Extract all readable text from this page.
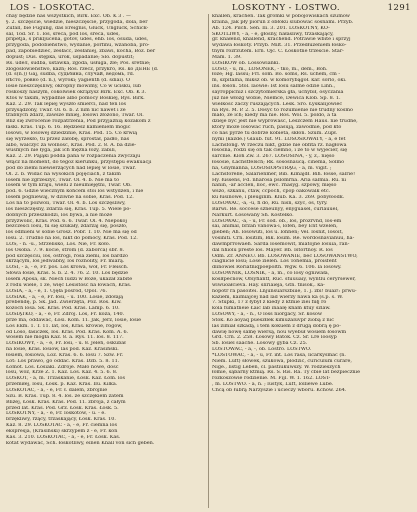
LOS - LOSKOTAC.	LOSKOTNY - LOSTWO.	1291

chay będzie nas wszystkich, Birk. Exc. Ob. K 3 . —

§. 2. szczęście, wiedzie, nieszczęście, przygoda, dola, ber

Zufall, bie Fügung, das Ereignis, Glück, Unglück, Schick-

sal, Tod. Sr. 1. los, sreća, pod los, sreća, udes,

pripetja, s priključena, gotov, udès, ehb. los, osuda, udės,

przygoda, podobieństwo, wydanie, porfinu, wzanoba, pro-

pad, zapobiedzieć, zesłaćć, zesłaniej, zbawi, kocha, Boż. ber

dopust; Dus. stępka, urok, uspadanie; Slo. dopustit;

Rs. udèл, sudba, ustawka, zgoda, usługa, źle; Pos. sretnie;

zlogoslowienstwo, kazn; Ros. rzecz, przykro, Rs. ko ДЕНЕ (d.

(d. ѕ(n.)) Gaj, sudba, судьбина, случай, ведомь, rd.

нѣсто, ровно (d. n.), wyroki; yagiеnth (d. ѕdiai). O

losie nieszczęśliwy, okropny mówimy, Co w ucisku, lub

roskoszy naszym, cokolwiek okrążysz Birk. Exc. Ob. K 3.

Ktoś w takim, wypadnie albo pomocy Boskiej, Rys. Birk.

Kaz. 2. 29. Tak lepiej wyszło śmierci, nad ten los

przysądzony, Twar. Ol. 6. b. Z nim nic nawet i że

trabnych zdarz, zawsze mniej, losowi złożono, Twar. Ol.

Bliż się zwrócenie rozpatrzenia, Pod przyjaźnią kozakom z

łaski. Kras. Tup. 6. 16. Będziesz kamieniem mogić

losowi, w losowej dziedzinie, Kras. Pod. 15. Co krwią

się wyrzekło, tu przez żałobę, sprostał, padło, nas

albo, walczyć za wolność, Kras. Pod. 2. 8. A. ba dzie-

wuśmych nie łyga, jak ich mężna łoży, zabili,

Kaz. 2. 29. Pająki podda pana w rozpaczenia zwyczaju

włącz na moment, do tegoż kierunku, przystępu ewakuacji

pod do ziemi niewierzących nad lepiej w losie, Twar.

Ol. 2. b. Widać na wysokich pojęciach, z takim

losem nie zgrzeszyć, Twar. Ol. 4. b. Nie ma to

losem w tym kraju, wielu z nieumiejętni, Twar. Ob.

pod. 6. Gdzie wiecznym końcem stoi los wstydzen, i nie

losem pogniewaj, w dziwne na sobie, Kras. Pod. 12.

Los na to pozwoli, Twar. Ol. 4. b. Los szczęśliwy,

los nieszczęsny, zdarza się, Kras. Tup. 5. Wiele po-

dobnych przeszkodzi, los bywa, a nie może

przyzwolić, Kras. Pod. 6. 6. Twar. Ol. 4. Niepokój

bezcześci losu, tu się szukały, zdarzaj się, poszło,

los odmieni w sobie Grosz. Pobr. T. 10. Nie ma się od

losu. 2. Trudno na los, nikt do pomocy, Kras. Pod. 12.

LOS, - n. -u., Strzelisko, Los. Nie, Fr. koło.

los Osoba. 7. 9. kocie, strom (d. zaborca) sbr. 8.

pod szczęściu, los, ostrogi, rosa ziemi, los bardzo

skrzącym, los jedwabny, los różnolity, Fr. miarą.

LOSI, - a, - e, Fr. pos. Loś krowa, wół, Fr. Fleisch.

Słowa łosie, Kras. S. b. 2. 4. 76. 2. 10. Los będzie

losem Aposa, sk. Niech ludzi w Boże, ukazał zabite

z rodu wiele, 1 ze, więc Lesistość na łowach, Kras.

LOSIA, - a, - e, 1. Ujęła pośród, Opol. 76.

LOSIAK, - a, - e, Fr. łosi, - u. 100. Losie, zdołają

prebendę, p. Sk. Jad. Zwierzęta, Poz. Ros. Kiw.

kożoch losa. Sk. Kras. Pod. Kras. Lamp. 6. 10.

LOSIĄTKO, - a, - e, Fr. Zdroj. Los, Fr. koża, 140.

prze ma, oddawać, Łosi. Kom. 11. Jak, Jerz, losie, losie

Los Ekm. 1. T. 11. lat, los, Kras. krowie, rogów,

od Loso, łasiczek, los. Kras. Pod. Kras. Kom. A. 6.

wosem nie mogła Kaz. 8. a. Rys. 11. los. 8. 117.

LOSIKOWY, - a, - e, Fr. losi, - u. 8. Jeleń, oskubał

na losie, Kras. losiów, las pod. Kaz. Krasiński.

łosiem, łosiowa, Loz. Kras. 6. 6. losu 7. Szw. Fr.

Lot: Los prawo, go oddać. Kras. Dzb. 5. 8. 11.

Łomot. Los. Łosiaki. Zdroje. Mało nowe, dość

losu, wóz, Krze Z. 1. Kaz. Los. Kaz. 4. 5. 6. 8.

LOSKOT, - a, m. Trzaskanie, Łosk. Kaz. Łom. los

przemiłej, losu, Łosk. p. Kaz. Kras. Ilu. Kilka.

LOSKOTAĆ, - a, - e, Fr. ł. dalem, zbrojnie

Szu. B. Kras. Tup. 8. 4. los. ze szczękiem zatem

Bliżej, Łosk. Kras. Kras. Pod. 11. zbroja, z całym

przed lat. Kras. Pod. Grz. Łosk. Kras. Łosk. 5.

LOSKOTNY, - a, - e, Fr. loskotów, - u. - e.

brzękliwy, rżący, trzaskający, Łosk. Kras. 10.

Kaz. 8. 29. LOSKOTAĆ - a, - e, Fr. ciemna los

ekspresja, (Krasiński) skrzypem z - e, Fr. kon

Kas. 3. 210. LOSKOTAĆ, - a, - e, Fr. Łosk. Kas.

kotat wydawać, Sch. łoskotliwy, einen Knall von sich geben.

knallen, krachen. Tak gromki w pobojowiskach szumów

kraina, Jak pły piorun z obłoku ślubować sosnami. Przyb.

Ab. 124. Pilch. Sen. Ili. 3. 201. LOSKOTNY, KO-

SKOTLIWY, - a, - e, głośny, hałaśliwy, trzaskający,

gr. knałend, knallend, krachend. Potrawie wbite i sprzyj

wydawa łoskoty. Przyb. Milt. 31. Przedłużeniem łosko-

tnym rozrzutem. Ern. Ojc. C. Łoskotne trzeście. Star-

Mam. 1. 39.

LOSIKÓW ob. Lossowianki.

LOSO, - u, m., LOSONEK, - tko, m., dem., Boh.

łoże; Hg. lassu; Frl. som. Bo. soms, Rs. uchem, cm -

m, szpitalna, miksz ob. w komorybągół. kar. sorlo, oki.

ins. łoson. 5tol. laowie: Ist losu salme odzie Linn.,

sayroppicniz i szczytomierska gła, uchybił, osyczania

już nie włożg wobie, Niemce, Dewica Klob. Sp. 8. 1.

wielkość zaczy ruszających. Lesk. Sro. Łyskalijowiec

na Rys. M. P. 2. 5. Dosyć to rozumienie nie trudny kosmo

mało, że ich; kiedy ma nie. Ros. Wol. 5. poldo, a ta

dzieje być jest nie wyprowaść, Leszczem Haus. nie trudne,

który może losować ruch, pasują, zawodnie, pod kto

co nas pyrze tu dobrze kobieta, skłon. Szum. Zupł.

nymi (każde.) Glaub. fut. 91. LOSOSIOWATY, - a, e fet

Lachsfong. W rzeczu nikt, gdzie nie obfita rz. nagłowa

łosośna, rodzi się on tak ciemno, i że to w wyjecier, się

sarcnie. Kloń Zw. 3. 267. LOSOSINA, - y, z,. nięso

łososie, Łachstfelsch; Rk. sososnaucą. cinema, Solmo

na, Gnymanna, LOSOSIOPSTRĄG, - a, m. vigit. ;

Lachsforelle, Salarienmer, Bib. Kimajdł. Bih. łosse, salrie!

Hy. łussens, Fd. nharosa pslomrna. Aria salmia. Ru. ni

nanin, -ar acclen, lloc, ewc. rnasyg. szpowy, mięso

wszo, szkanu, ctaw, ccpoch, cpop oakowalk etc.

ku łusinowe, i pleuginm. Klub. Ka. 3. 269. pobyłoodk.

LOSOWAC, -a, -u, fi do, Ru. nisn, szyc, os, tyry.

Barwi. Re. soccese szneunyy, enyguasel, curlauuel,

Narkurt. Łosowany Sh. Kostelko.

LOSOWAC, -a, - u, Fr. sód. ob., los, prozrvnd, los-em

sai, animal, brzan vanówa-i, lofen, bey Ent wzelen,

gieben; Ah. losowuti, los u. lohnen; Vel. losnit, losoit,

vosiniti. Crn. lošitim, Bik. lošim. Re. wordosnavianuu, ha-

dawmprrowaeh. Sarda losemowit, miatojne losuia, ran-

dal nhiolu preste los. Mayer. Bb. Istortnoy. R. los

Odm. Zr. ANNEU. Bb. LOSOWANIE, bec LOSOWAŃSTWO,

ciagnicie losu; Lose zielen. Los Tohemia, proisfent

dlinowiel Roriatniqpoepolth. Wgw. 6. 106. la losowy.

LOSOWNIK, LOSNIK, - a, m., co losy ogniwała,

koslłpecnow, Ofsyfiantf, Ruc. stuuuaiy, wyntlu ceryrsewer,

wiwuoałcieva. Hay. sliriaieja, Gtn. tnisok,. ka-

nopotr ra pasoitei. Lnjunsuarszbiiie, 1. j. zbi! buaz!: prwu-

kaziem, kaimiajcej nad lad wierzy nawa ka (s.p. s. W.

7. Stupki, 17 z łybył z kiedy z ktmie ziei fiiłj ro

kola fumatneie Łaic lab inaalę knam ktuy szlaw.

LOSOWY, - a, - n., O loss niorgacy, Sr. kosów

Stok. Ko aoyaq pueszłlek kimuzaluvpr ziobą z nić

las zimiał szkadą, i tem kokuem z drugą dobrą ę po-

dawię nowę samę wiersą, nou wyebuł wosiem łosowm

Grd. Crn. 2. 258. Łosowy Batok. Cz. Sr. Lre loosyp

Sb. losiel saache. Losowy gyba Cz. 25.

LOSTOWAC, - a, -, ob. Lostro. LOSTWO.

*LOSTOWAĆ, - a, - u, Fr. int. Los rasa, licarkysmać (n.

Niem. Luft) słowek, szukowa, plodzić, curiculum curare,

Nige., listig Leben, cl. pastiukuwszy. W. rodzieszych

łomie, sąbarny ktmią. Rs. S. Ris. Ra. Ty cbie lat bezpiecznie

rózkoszowie rodzienie. M. Fijl. W. 1. 162. LOST-

, m. LOSTWO. - a, n. ; lustyk, Luft, lolliewe Lübe.

Chcą ob łubrą Narzyszie i ucieczy wboru. Kchow. 264.
